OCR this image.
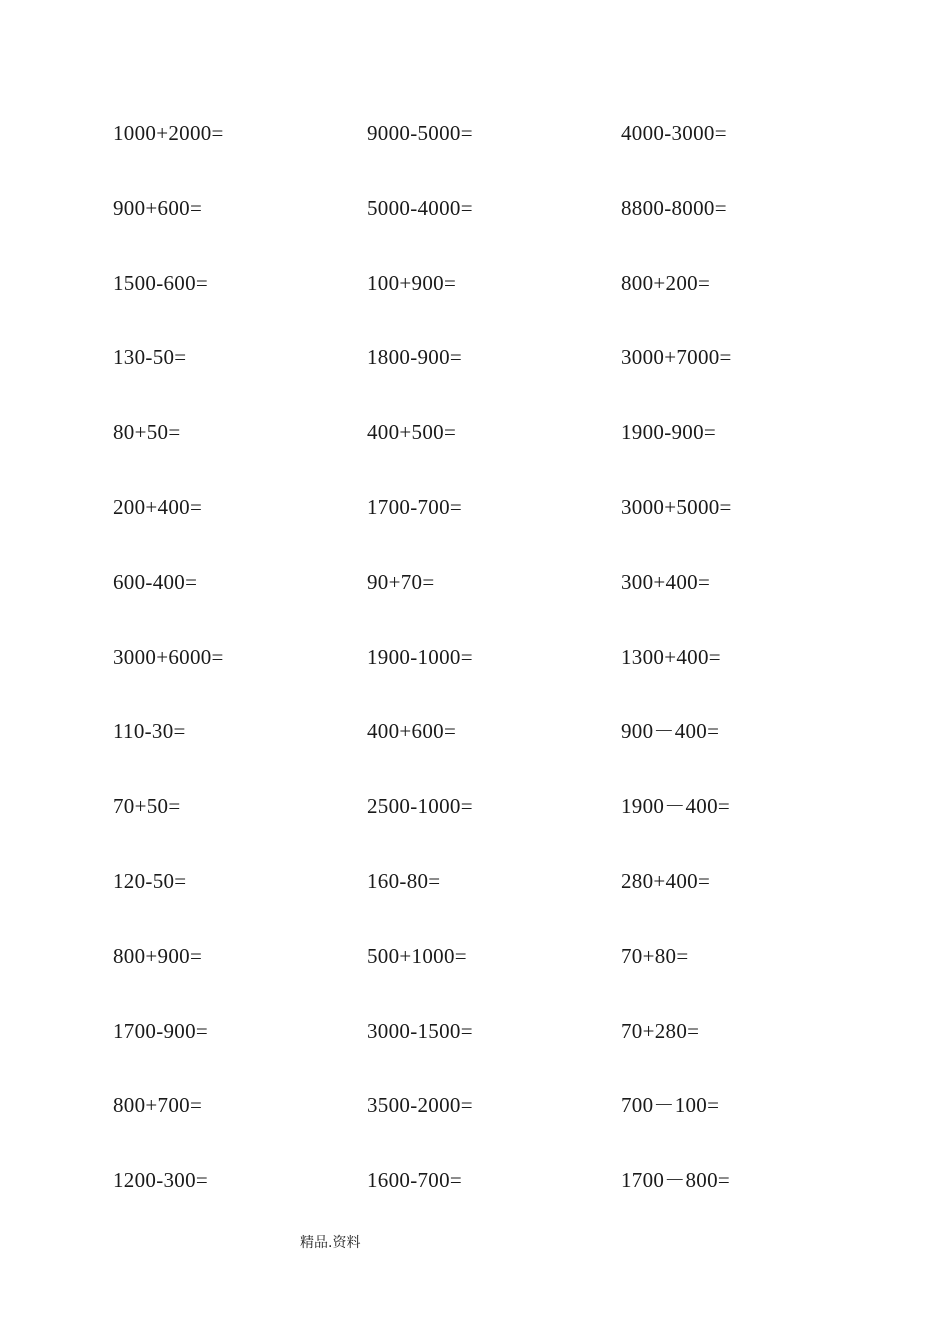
1000+2000=	9000-5000=	4000-3000=
900+600=	5000-4000=	8800-8000=
1500-600=	100+900=	800+200=
130-50=	1800-900=	3000+7000=
80+50=	400+500=	1900-900=
200+400=	1700-700=	3000+5000=
600-400=	90+70=	300+400=
3000+6000=	1900-1000=	1300+400=
110-30=	400+600=	900－400=
70+50=	2500-1000=	1900－400=
120-50=	160-80=	280+400=
800+900=	500+1000=	70+80=
1700-900=	3000-1500=	70+280=
800+700=	3500-2000=	700－100=
1200-300=	1600-700=	1700－800=
精品.资料
